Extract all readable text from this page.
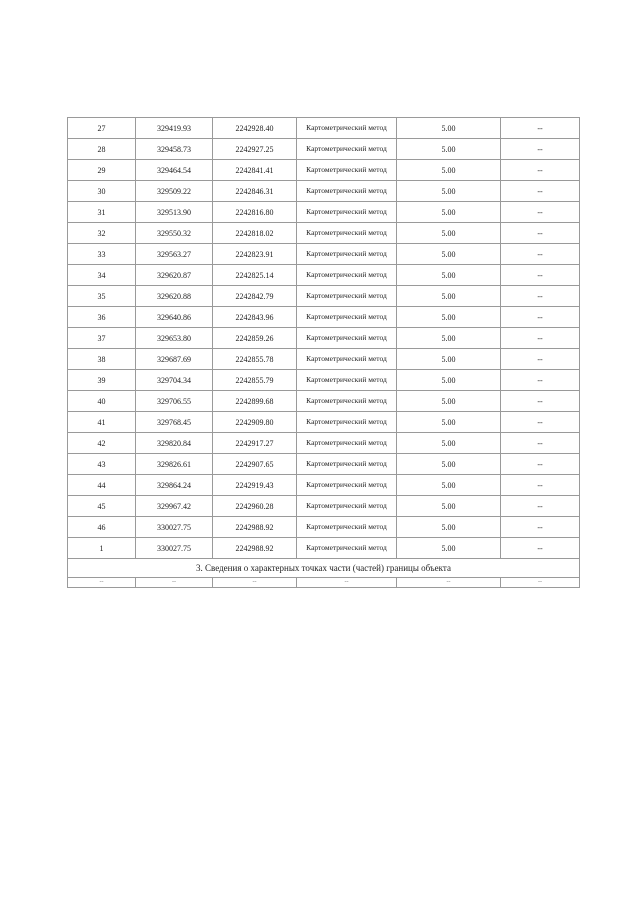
27	329419.93	2242928.40	Картометрический метод	5.00	--
28	329458.73	2242927.25	Картометрический метод	5.00	--
29	329464.54	2242841.41	Картометрический метод	5.00	--
30	329509.22	2242846.31	Картометрический метод	5.00	--
31	329513.90	2242816.80	Картометрический метод	5.00	--
32	329550.32	2242818.02	Картометрический метод	5.00	--
33	329563.27	2242823.91	Картометрический метод	5.00	--
34	329620.87	2242825.14	Картометрический метод	5.00	--
35	329620.88	2242842.79	Картометрический метод	5.00	--
36	329640.86	2242843.96	Картометрический метод	5.00	--
37	329653.80	2242859.26	Картометрический метод	5.00	--
38	329687.69	2242855.78	Картометрический метод	5.00	--
39	329704.34	2242855.79	Картометрический метод	5.00	--
40	329706.55	2242899.68	Картометрический метод	5.00	--
41	329768.45	2242909.80	Картометрический метод	5.00	--
42	329820.84	2242917.27	Картометрический метод	5.00	--
43	329826.61	2242907.65	Картометрический метод	5.00	--
44	329864.24	2242919.43	Картометрический метод	5.00	--
45	329967.42	2242960.28	Картометрический метод	5.00	--
46	330027.75	2242988.92	Картометрический метод	5.00	--
1	330027.75	2242988.92	Картометрический метод	5.00	--
3. Сведения о характерных точках части (частей) границы объекта					
--	--	--	--	--	--
